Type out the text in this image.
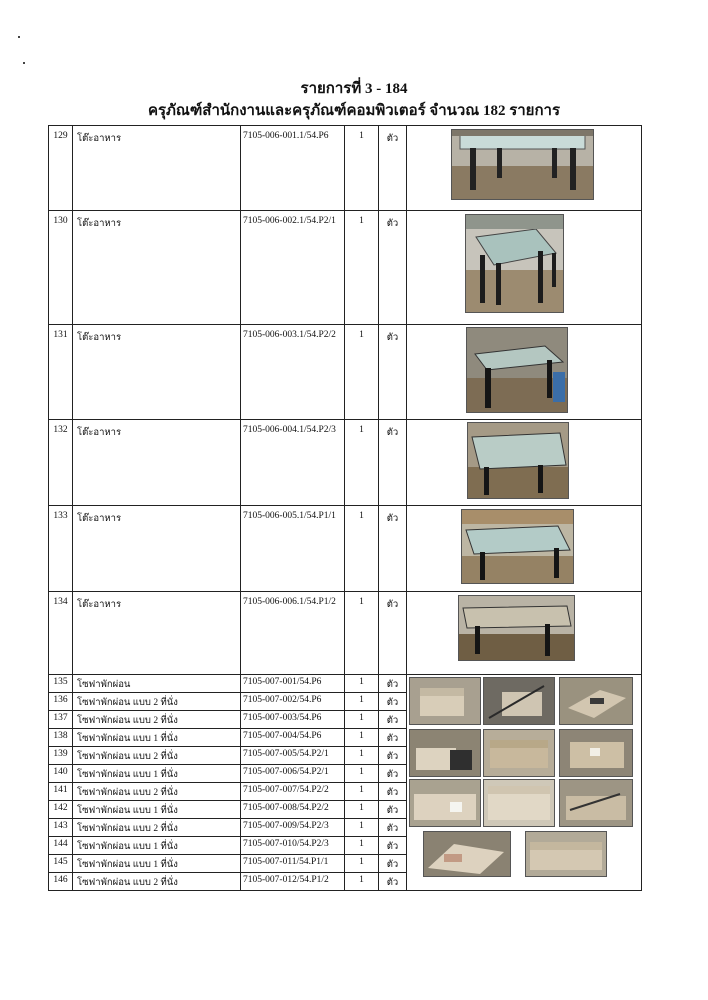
รายการที่ 3 - 184
ครุภัณฑ์สำนักงานและครุภัณฑ์คอมพิวเตอร์ จำนวณ 182 รายการ
129	โต๊ะอาหาร	7105-006-001.1/54.P6	1	ตัว	

130	โต๊ะอาหาร	7105-006-002.1/54.P2/1	1	ตัว	

131	โต๊ะอาหาร	7105-006-003.1/54.P2/2	1	ตัว	

132	โต๊ะอาหาร	7105-006-004.1/54.P2/3	1	ตัว	

133	โต๊ะอาหาร	7105-006-005.1/54.P1/1	1	ตัว	

134	โต๊ะอาหาร	7105-006-006.1/54.P1/2	1	ตัว	

135	โซฟาพักผ่อน	7105-007-001/54.P6	1	ตัว	

136	โซฟาพักผ่อน แบบ 2 ที่นั่ง	7105-007-002/54.P6	1	ตัว	
137	โซฟาพักผ่อน แบบ 2 ที่นั่ง	7105-007-003/54.P6	1	ตัว	
138	โซฟาพักผ่อน แบบ 1 ที่นั่ง	7105-007-004/54.P6	1	ตัว	
139	โซฟาพักผ่อน แบบ 2 ที่นั่ง	7105-007-005/54.P2/1	1	ตัว	
140	โซฟาพักผ่อน แบบ 1 ที่นั่ง	7105-007-006/54.P2/1	1	ตัว	
141	โซฟาพักผ่อน แบบ 2 ที่นั่ง	7105-007-007/54.P2/2	1	ตัว	
142	โซฟาพักผ่อน แบบ 1 ที่นั่ง	7105-007-008/54.P2/2	1	ตัว	
143	โซฟาพักผ่อน แบบ 2 ที่นั่ง	7105-007-009/54.P2/3	1	ตัว	
144	โซฟาพักผ่อน แบบ 1 ที่นั่ง	7105-007-010/54.P2/3	1	ตัว	
145	โซฟาพักผ่อน แบบ 1 ที่นั่ง	7105-007-011/54.P1/1	1	ตัว	
146	โซฟาพักผ่อน แบบ 2 ที่นั่ง	7105-007-012/54.P1/2	1	ตัว	
